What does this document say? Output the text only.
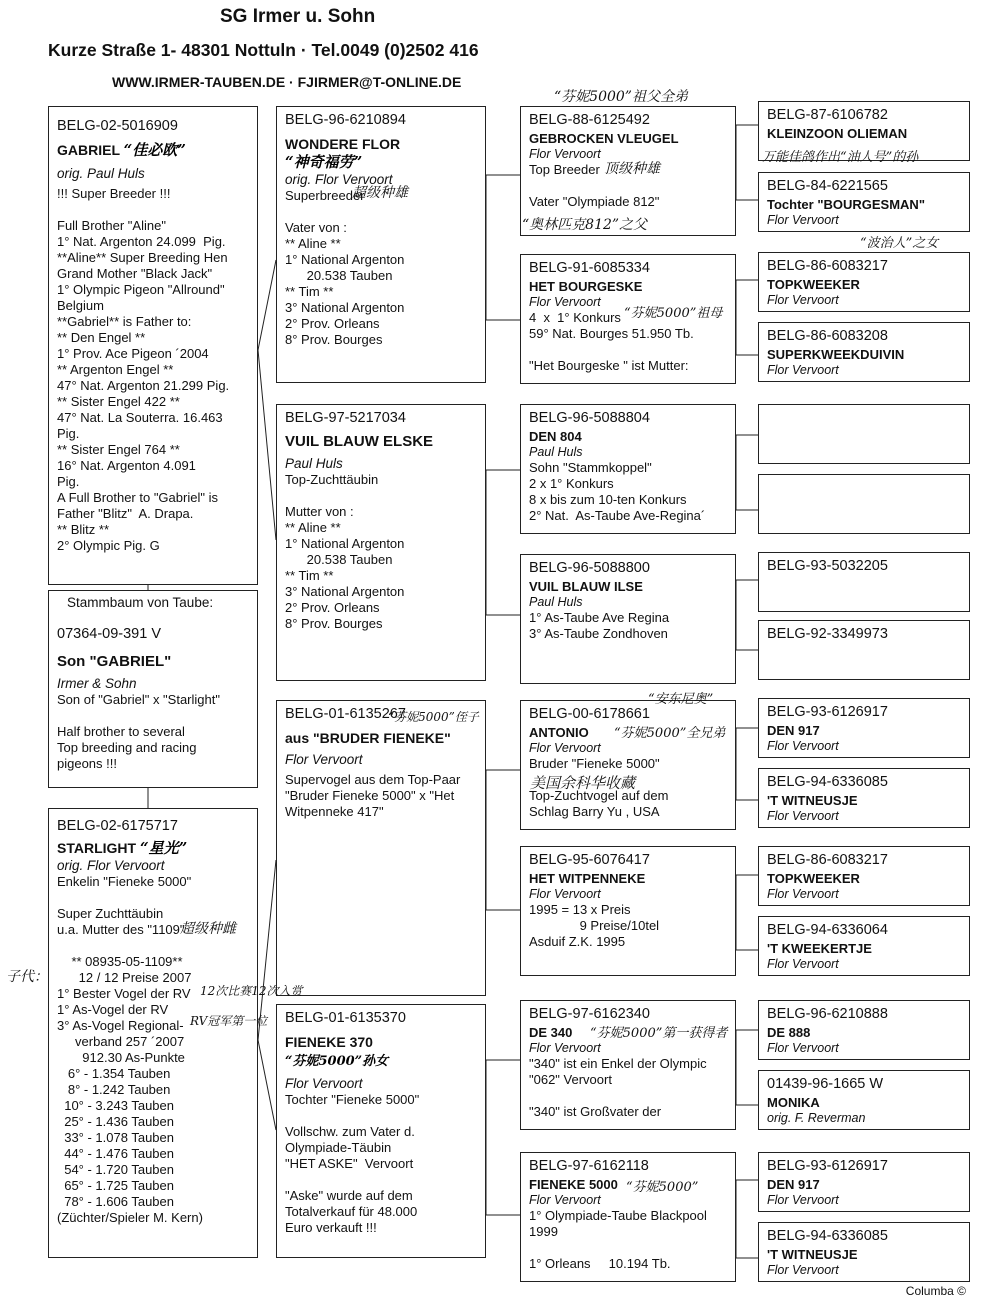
SG Irmer u. Sohn
Kurze Straße 1- 48301 Nottuln · Tel.0049 (0)2502 416
WWW.IRMER-TAUBEN.DE · FJIRMER@T-ONLINE.DE
BELG-02-5016909
GABRIEL “佳必欧”
orig. Paul Huls
!!! Super Breeder !!!
Full Brother "Aline"
1° Nat. Argenton 24.099  Pig.
**Aline** Super Breeding Hen
Grand Mother "Black Jack"
1° Olympic Pigeon "Allround"
Belgium
**Gabriel** is Father to:
** Den Engel **
1° Prov. Ace Pigeon ´2004
** Argenton Engel **
47° Nat. Argenton 21.299 Pig.
** Sister Engel 422 **
47° Nat. La Souterra. 16.463
Pig.
** Sister Engel 764 **
16° Nat. Argenton 4.091
Pig.
A Full Brother to "Gabriel" is
Father "Blitz"  A. Drapa.
** Blitz **
2° Olympic Pig. G
Stammbaum von Taube:
07364-09-391 V
Son "GABRIEL"
Irmer & Sohn
Son of "Gabriel" x "Starlight"
Half brother to several
Top breeding and racing
pigeons !!!
BELG-02-6175717
STARLIGHT “星光”
orig. Flor Vervoort
Enkelin "Fieneke 5000"
Super Zuchttäubin
u.a. Mutter des "1109"
** 08935-05-1109**
12 / 12 Preise 2007
1° Bester Vogel der RV
1° As-Vogel der RV
3° As-Vogel Regional-
verband 257 ´2007
912.30 As-Punkte
6° - 1.354 Tauben
8° - 1.242 Tauben
10° - 3.243 Tauben
25° - 1.436 Tauben
33° - 1.078 Tauben
44° - 1.476 Tauben
54° - 1.720 Tauben
65° - 1.725 Tauben
78° - 1.606 Tauben
(Züchter/Spieler M. Kern)
BELG-96-6210894
WONDERE FLOR “神奇福劳”
orig. Flor Vervoort
Superbreeder
Vater von :
** Aline **
1° National Argenton
20.538 Tauben
** Tim **
3° National Argenton
2° Prov. Orleans
8° Prov. Bourges
BELG-97-5217034
VUIL BLAUW ELSKE
Paul Huls
Top-Zuchttäubin
Mutter von :
** Aline **
1° National Argenton
20.538 Tauben
** Tim **
3° National Argenton
2° Prov. Orleans
8° Prov. Bourges
BELG-01-6135267
aus "BRUDER FIENEKE"
Flor Vervoort
Supervogel aus dem Top-Paar
"Bruder Fieneke 5000" x "Het
Witpenneke 417"
BELG-01-6135370
FIENEKE 370 “芬妮5000”孙女
Flor Vervoort
Tochter "Fieneke 5000"
Vollschw. zum Vater d.
Olympiade-Täubin
"HET ASKE"  Vervoort
"Aske" wurde auf dem
Totalverkauf für 48.000
Euro verkauft !!!
BELG-88-6125492
GEBROCKEN VLEUGEL
Flor Vervoort
Top Breeder
Vater "Olympiade 812"
BELG-91-6085334
HET BOURGESKE
Flor Vervoort
4  x  1° Konkurs
59° Nat. Bourges 51.950 Tb.
"Het Bourgeske " ist Mutter:
BELG-96-5088804
DEN 804
Paul Huls
Sohn "Stammkoppel"
2 x 1° Konkurs
8 x bis zum 10-ten Konkurs
2° Nat.  As-Taube Ave-Regina´
BELG-96-5088800
VUIL BLAUW ILSE
Paul Huls
1° As-Taube Ave Regina
3° As-Taube Zondhoven
BELG-00-6178661
ANTONIO
Flor Vervoort
Bruder "Fieneke 5000"
Top-Zuchtvogel auf dem
Schlag Barry Yu , USA
BELG-95-6076417
HET WITPENNEKE
Flor Vervoort
1995 = 13 x Preis
9 Preise/10tel
Asduif Z.K. 1995
BELG-97-6162340
DE 340
Flor Vervoort
"340" ist ein Enkel der Olympic
"062" Vervoort
"340" ist Großvater der
BELG-97-6162118
FIENEKE 5000
Flor Vervoort
1° Olympiade-Taube Blackpool
1999
1° Orleans     10.194 Tb.
BELG-87-6106782
KLEINZOON OLIEMAN
BELG-84-6221565
Tochter "BOURGESMAN"
Flor Vervoort
BELG-86-6083217
TOPKWEEKER
Flor Vervoort
BELG-86-6083208
SUPERKWEEKDUIVIN
Flor Vervoort
BELG-93-5032205
BELG-92-3349973
BELG-93-6126917
DEN 917
Flor Vervoort
BELG-94-6336085
'T WITNEUSJE
Flor Vervoort
BELG-86-6083217
TOPKWEEKER
Flor Vervoort
BELG-94-6336064
'T KWEEKERTJE
Flor Vervoort
BELG-96-6210888
DE 888
Flor Vervoort
01439-96-1665 W
MONIKA
orig. F. Reverman
BELG-93-6126917
DEN 917
Flor Vervoort
BELG-94-6336085
'T WITNEUSJE
Flor Vervoort
“芬妮5000”祖父全弟
顶级种雄
“奥林匹克812”之父
万能佳鸽作出“油人号”的孙
“波治人”之女
“芬妮5000”祖母
“芬妮5000”侄子
“安东尼奥”
“芬妮5000”全兄弟
美国余科华收藏
超级种雌
子代：
12次比赛12次入赏
RV冠军第一位
“芬妮5000”第一获得者
超级种雄
“芬妮5000”
Columba ©
